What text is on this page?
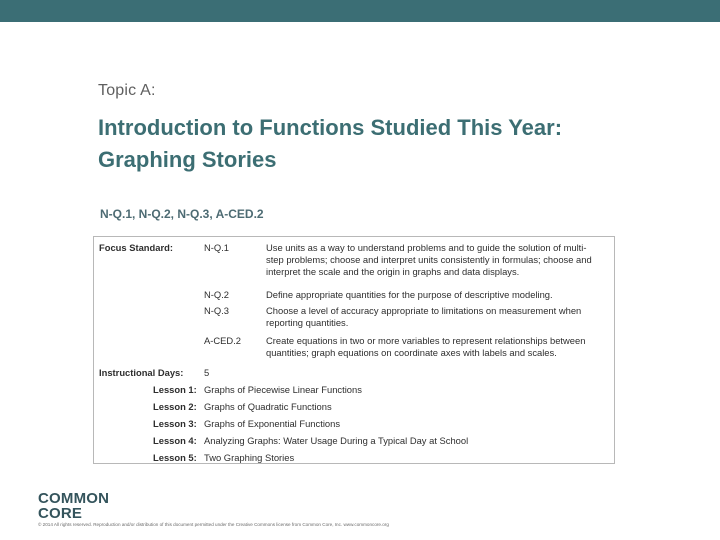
Topic A:
Introduction to Functions Studied This Year:
Graphing Stories
N-Q.1, N-Q.2, N-Q.3, A-CED.2
Focus Standard:	N-Q.1	Use units as a way to understand problems and to guide the solution of multi-
step problems; choose and interpret units consistently in formulas; choose and
interpret the scale and the origin in graphs and data displays.
N-Q.2	Define appropriate quantities for the purpose of descriptive modeling.
N-Q.3	Choose a level of accuracy appropriate to limitations on measurement when
reporting quantities.
A-CED.2	Create equations in two or more variables to represent relationships between
quantities; graph equations on coordinate axes with labels and scales.
Instructional Days: 5
Lesson 1: Graphs of Piecewise Linear Functions
Lesson 2: Graphs of Quadratic Functions
Lesson 3: Graphs of Exponential Functions
Lesson 4: Analyzing Graphs: Water Usage During a Typical Day at School
Lesson 5: Two Graphing Stories
COMMON
CORE
© 2014 All rights reserved. Reproduction and/or distribution of this document permitted under the Creative Commons license from Common Core, Inc. www.commoncore.org
